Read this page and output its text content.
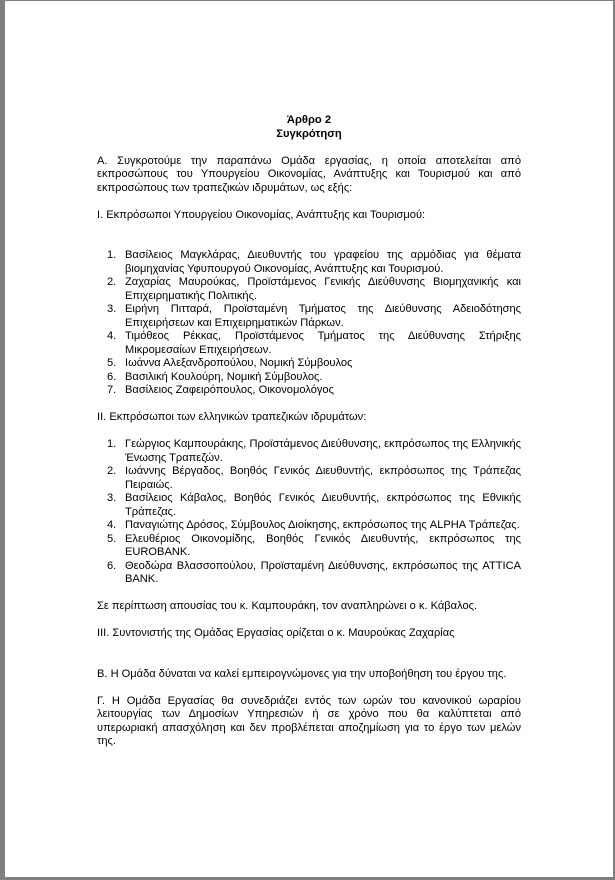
Άρθρο 2
Συγκρότηση

Α. Συγκροτούμε την παραπάνω Ομάδα εργασίας, η οποία αποτελείται από εκπροσώπους του Υπουργείου Οικονομίας, Ανάπτυξης και Τουρισμού και από εκπροσώπους των τραπεζικών ιδρυμάτων, ως εξής:

Ι. Εκπρόσωποι Υπουργείου Οικονομίας, Ανάπτυξης και Τουρισμού:

1. Βασίλειος Μαγκλάρας, Διευθυντής του γραφείου της αρμόδιας για θέματα βιομηχανίας Υφυπουργού Οικονομίας, Ανάπτυξης και Τουρισμού.
2. Ζαχαρίας Μαυρούκας, Προϊστάμενος Γενικής Διεύθυνσης Βιομηχανικής και Επιχειρηματικής Πολιτικής.
3. Ειρήνη Πιτταρά, Προϊσταμένη Τμήματος της Διεύθυνσης Αδειοδότησης Επιχειρήσεων και Επιχειρηματικών Πάρκων.
4. Τιμόθεος Ρέκκας, Προϊστάμενος Τμήματος της Διεύθυνσης Στήριξης Μικρομεσαίων Επιχειρήσεων.
5. Ιωάννα Αλεξανδροπούλου, Νομική Σύμβουλος
6. Βασιλική Κουλούρη, Νομική Σύμβουλος.
7. Βασίλειος Ζαφειρόπουλος, Οικονομολόγος

ΙΙ. Εκπρόσωποι των ελληνικών τραπεζικών ιδρυμάτων:

1. Γεώργιος Καμπουράκης, Προϊστάμενος Διεύθυνσης, εκπρόσωπος της Ελληνικής Ένωσης Τραπεζών.
2. Ιωάννης Βέργαδος, Βοηθός Γενικός Διευθυντής, εκπρόσωπος της Τράπεζας Πειραιώς.
3. Βασίλειος Κάβαλος, Βοηθός Γενικός Διευθυντής, εκπρόσωπος της Εθνικής Τράπεζας.
4. Παναγιώτης Δρόσος, Σύμβουλος Διοίκησης, εκπρόσωπος της ALPHA Τράπεζας.
5. Ελευθέριος Οικονομίδης, Βοηθός Γενικός Διευθυντής, εκπρόσωπος της EUROBANK.
6. Θεοδώρα Βλασσοπούλου, Προϊσταμένη Διεύθυνσης, εκπρόσωπος της ATTICA BANK.

Σε περίπτωση απουσίας του κ. Καμπουράκη, τον αναπληρώνει ο κ. Κάβαλος.

ΙΙΙ. Συντονιστής της Ομάδας Εργασίας ορίζεται ο κ. Μαυρούκας Ζαχαρίας

Β. Η Ομάδα δύναται να καλεί εμπειρογνώμονες για την υποβοήθηση του έργου της.

Γ. Η Ομάδα Εργασίας θα συνεδριάζει εντός των ωρών του κανονικού ωραρίου λειτουργίας των Δημοσίων Υπηρεσιών ή σε χρόνο που θα καλύπτεται από υπερωριακή απασχόληση και δεν προβλέπεται αποζημίωση για το έργο των μελών της.
